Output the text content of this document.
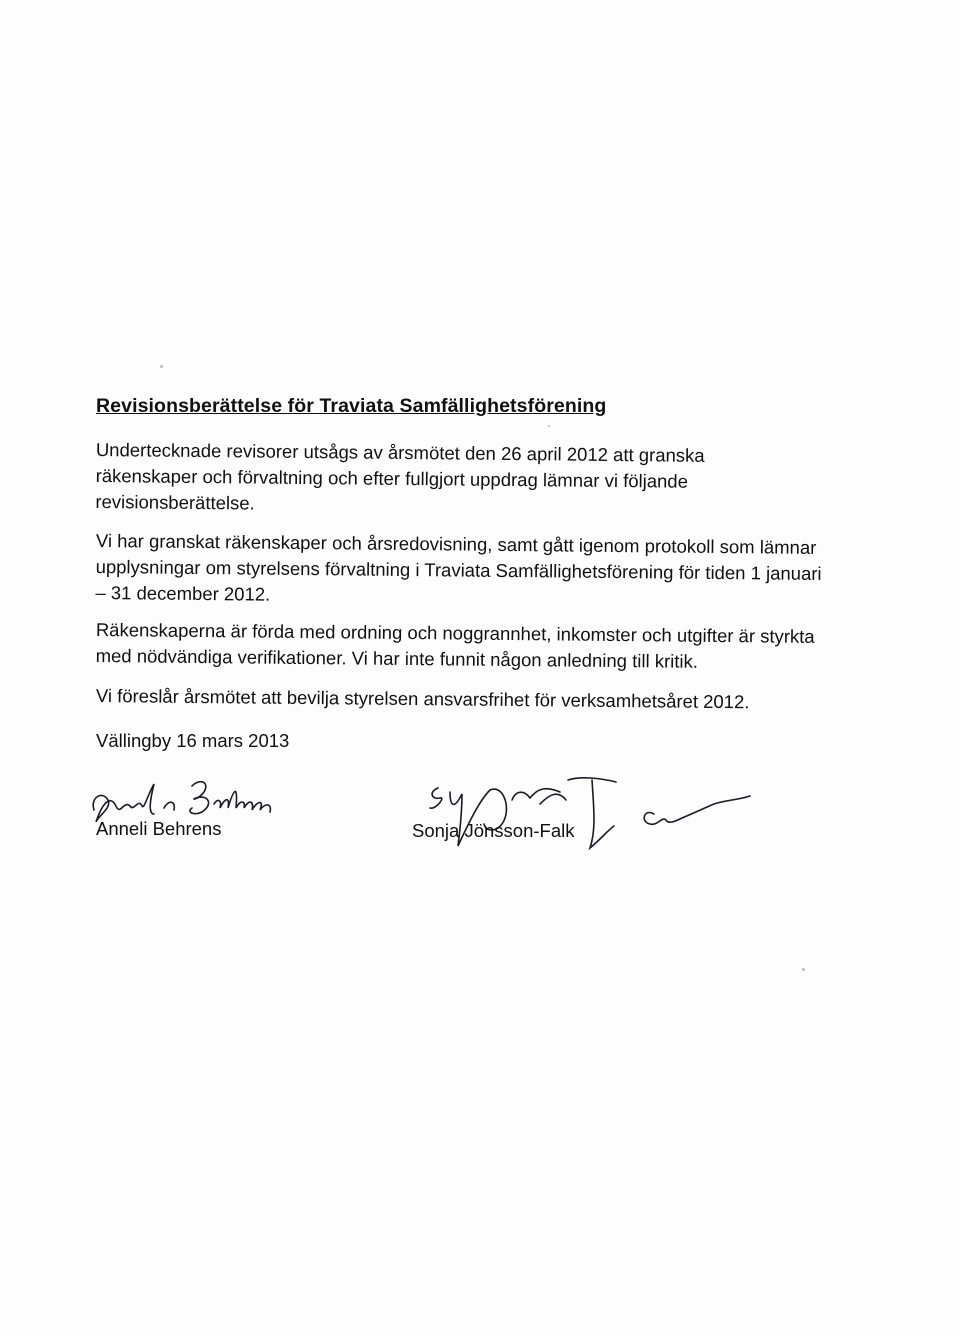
Revisionsberättelse för Traviata Samfällighetsförening

Undertecknade revisorer utsågs av årsmötet den 26 april 2012 att granska räkenskaper och förvaltning och efter fullgjort uppdrag lämnar vi följande revisionsberättelse.

Vi har granskat räkenskaper och årsredovisning, samt gått igenom protokoll som lämnar upplysningar om styrelsens förvaltning i Traviata Samfällighetsförening för tiden 1 januari – 31 december 2012.

Räkenskaperna är förda med ordning och noggrannhet, inkomster och utgifter är styrkta med nödvändiga verifikationer. Vi har inte funnit någon anledning till kritik.

Vi föreslår årsmötet att bevilja styrelsen ansvarsfrihet för verksamhetsåret 2012.

Vällingby 16 mars 2013

Anneli Behrens	Sonja Jönsson-Falk
